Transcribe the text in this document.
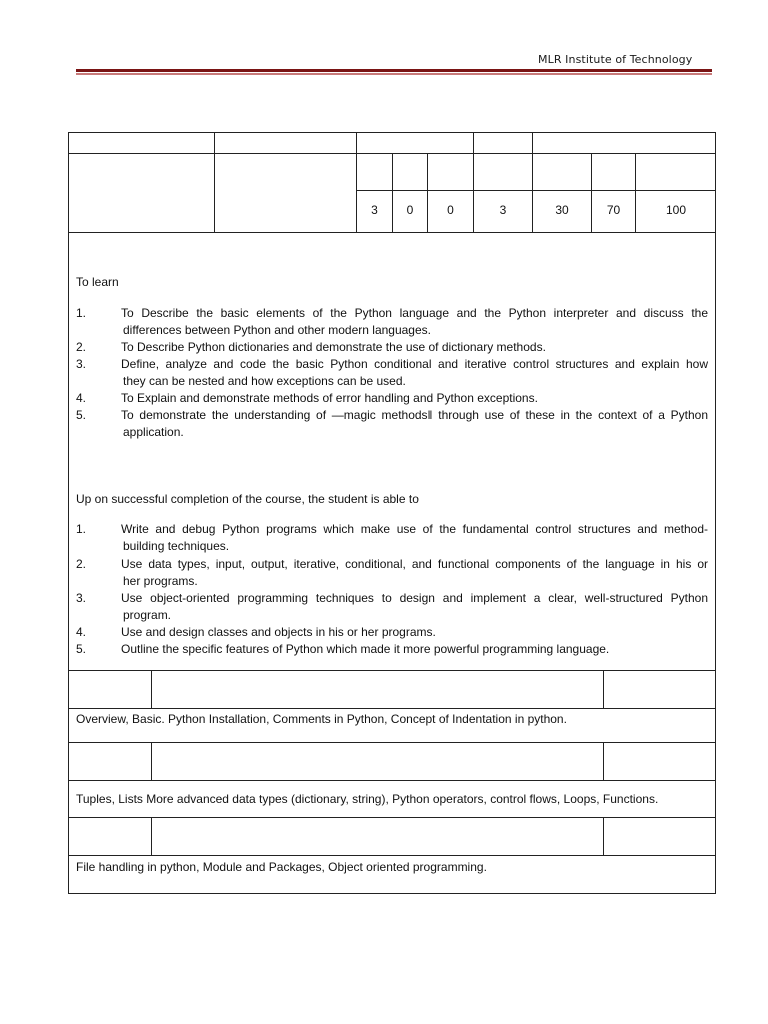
MLR Institute of Technology
3	0	0	3	30	70	100
To learn
1.	To Describe the basic elements of the Python language and the Python interpreter and discuss the
differences between Python and other modern languages.
2.	To Describe Python dictionaries and demonstrate the use of dictionary methods.
3.	Define, analyze and code the basic Python conditional and iterative control structures and explain how
they can be nested and how exceptions can be used.
4.	To Explain and demonstrate methods of error handling and Python exceptions.
5.	To demonstrate the understanding of ―magic methods‖ through use of these in the context of a Python
application.
Up on successful completion of the course, the student is able to
1.	Write and debug Python programs which make use of the fundamental control structures and method-
building techniques.
2.	Use data types, input, output, iterative, conditional, and functional components of the language in his or
her programs.
3.	Use object-oriented programming techniques to design and implement a clear, well-structured Python
program.
4.	Use and design classes and objects in his or her programs.
5.	Outline the specific features of Python which made it more powerful programming language.
Overview, Basic. Python Installation, Comments in Python, Concept of Indentation in python.
Tuples, Lists More advanced data types (dictionary, string), Python operators, control flows, Loops, Functions.
File handling in python, Module and Packages, Object oriented programming.
